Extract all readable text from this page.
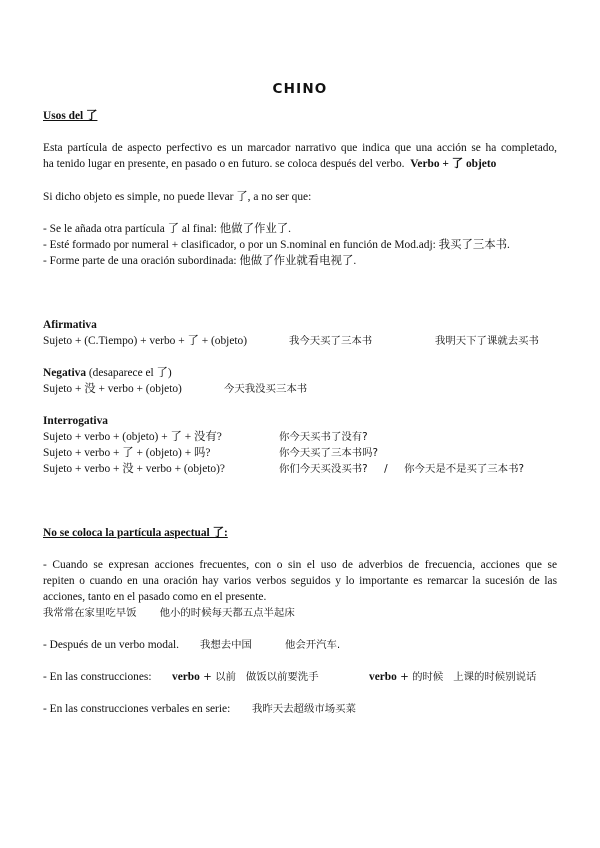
CHINO
Usos del 了
Esta partícula de aspecto perfectivo es un marcador narrativo que indica que una acción se ha completado,
ha tenido lugar en presente, en pasado o en futuro. se coloca después del verbo. Verbo + 了 objeto
Si dicho objeto es simple, no puede llevar 了, a no ser que:
- Se le añada otra partícula 了 al final: 他做了作业了.
- Esté formado por numeral + clasificador, o por un S.nominal en función de Mod.adj: 我买了三本书.
- Forme parte de una oración subordinada: 他做了作业就看电视了.
Afirmativa
Sujeto + (C.Tiempo) + verbo + 了 + (objeto)	我今天买了三本书	我明天下了课就去买书
Negativa (desaparece el 了)
Sujeto + 没 + verbo + (objeto)	今天我没买三本书
Interrogativa
Sujeto + verbo + (objeto) + 了 + 没有?	你今天买书了没有?
Sujeto + verbo + 了 + (objeto) + 吗?	你今天买了三本书吗?
Sujeto + verbo + 没 + verbo + (objeto)?	你们今天买没买书?     /     你今天是不是买了三本书?
No se coloca la partícula aspectual 了:
- Cuando se expresan acciones frecuentes, con o sin el uso de adverbios de frecuencia, acciones que se
repiten o cuando en una oración hay varios verbos seguidos y lo importante es remarcar la sucesión de las
acciones, tanto en el pasado como en el presente.
我常常在家里吃早饭       他小的时候每天都五点半起床
- Después de un verbo modal. 我想去中国          他会开汽车.
- En las construcciones: verbo + 以前   做饭以前要洗手	verbo + 的时候   上课的时候别说话
- En las construcciones verbales en serie: 我昨天去超级市场买菜
